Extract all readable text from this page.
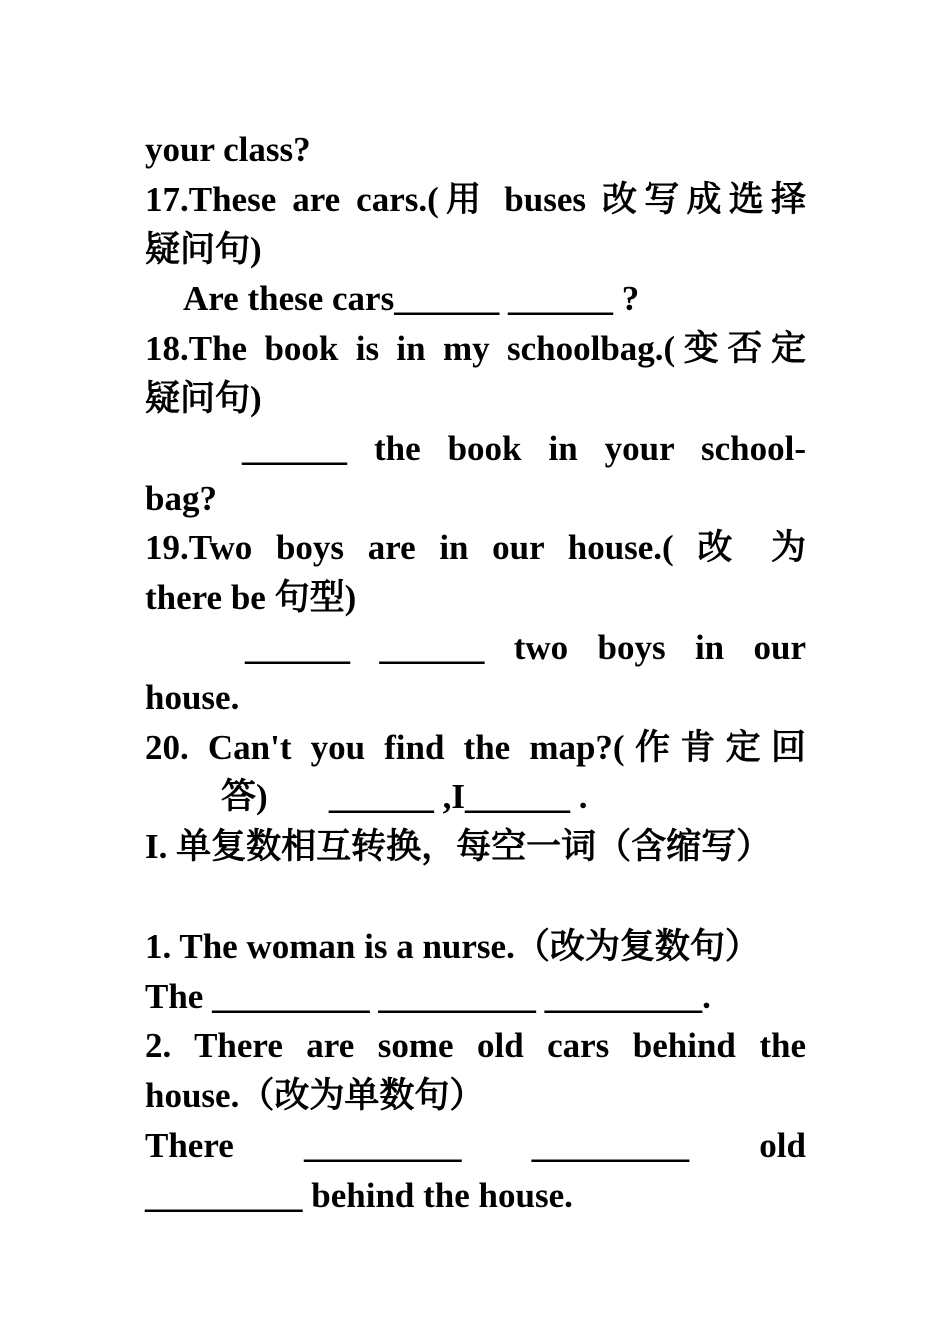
your class?
17.These are cars.(用 buses 改写成选择
疑问句)
Are these cars______ ______ ?
18.The book is in my schoolbag.(变否定
疑问句)
______ the book in your school-
bag?
19.Two boys are in our house.( 改 为
there be 句型)
______ ______ two boys in our
house.
20. Can't you find the map?(作肯定回
答)       ______ ,I______ .
I. 单复数相互转换，每空一词（含缩写）
1. The woman is a nurse.（改为复数句）
The _________ _________ _________.
2. There are some old cars behind the
house.（改为单数句）
There _________ _________ old
_________ behind the house.
